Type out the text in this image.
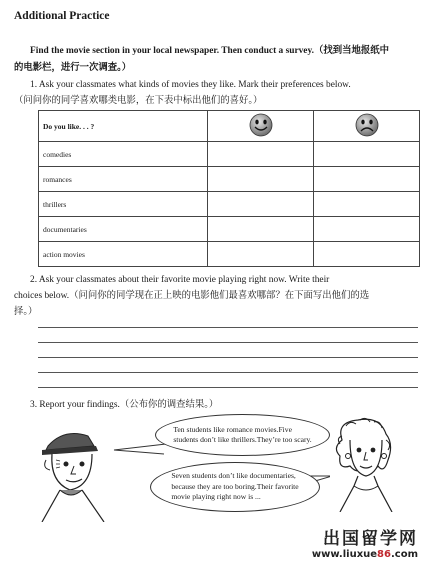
Additional Practice
Find the movie section in your local newspaper. Then conduct a survey.（找到当地报纸中
的电影栏，进行一次调查。）
1. Ask your classmates what kinds of movies they like. Mark their preferences below.
（问问你的同学喜欢哪类电影，在下表中标出他们的喜好。）
Do you like. . . ?		
comedies		
romances		
thrillers		
documentaries		
action movies		
2. Ask your classmates about their favorite movie playing right now. Write their
choices below.（问问你的同学现在正上映的电影他们最喜欢哪部？在下面写出他们的选
择。）
3. Report your findings.（公布你的调查结果。）
Ten students like romance movies.Five
students don’t like thrillers.They’re too scary.
Seven students don’t like documentaries,
because they are too boring.Their favorite
movie playing right now is ...
出国留学网
www.liuxue86.com
